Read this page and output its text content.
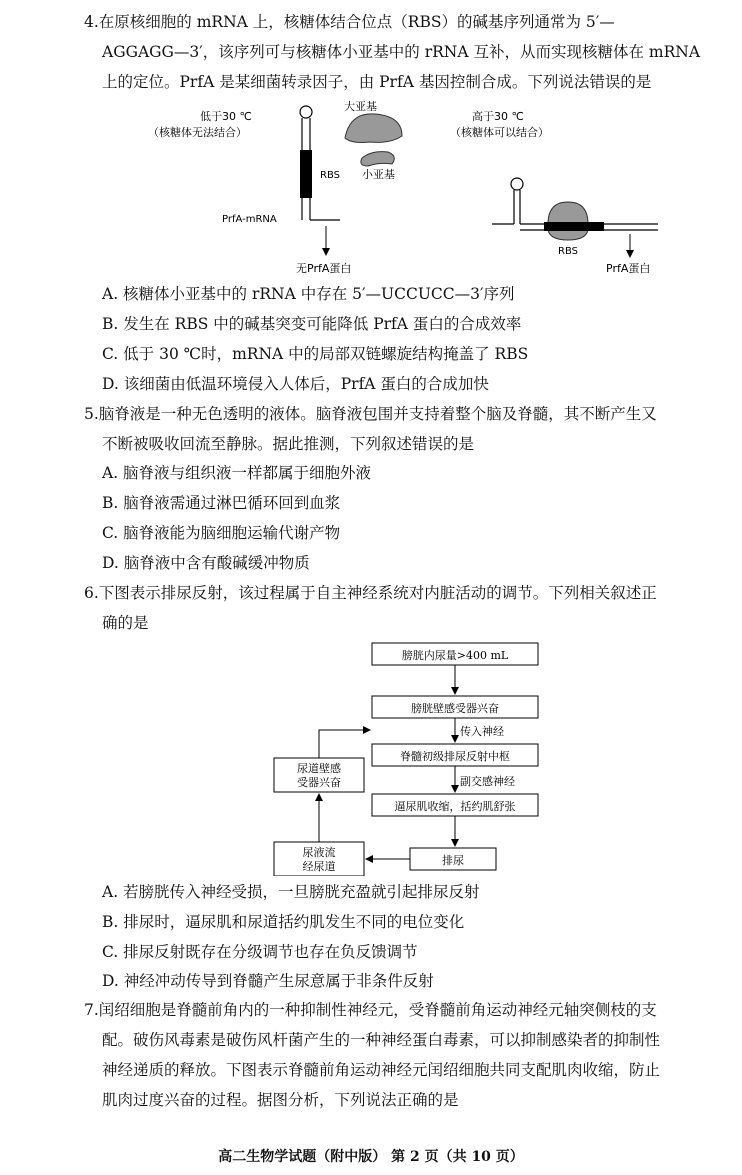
4.在原核细胞的 mRNA 上，核糖体结合位点（RBS）的碱基序列通常为 5′—
AGGAGG—3′，该序列可与核糖体小亚基中的 rRNA 互补，从而实现核糖体在 mRNA
上的定位。PrfA 是某细菌转录因子，由 PrfA 基因控制合成。下列说法错误的是
低于30 ℃
（核糖体无法结合）
RBS
PrfA-mRNA
大亚基
小亚基
无PrfA蛋白
高于30 ℃
（核糖体可以结合）
RBS
PrfA蛋白
A. 核糖体小亚基中的 rRNA 中存在 5′—UCCUCC—3′序列
B. 发生在 RBS 中的碱基突变可能降低 PrfA 蛋白的合成效率
C. 低于 30 ℃时，mRNA 中的局部双链螺旋结构掩盖了 RBS
D. 该细菌由低温环境侵入人体后，PrfA 蛋白的合成加快
5.脑脊液是一种无色透明的液体。脑脊液包围并支持着整个脑及脊髓，其不断产生又
不断被吸收回流至静脉。据此推测，下列叙述错误的是
A. 脑脊液与组织液一样都属于细胞外液
B. 脑脊液需通过淋巴循环回到血浆
C. 脑脊液能为脑细胞运输代谢产物
D. 脑脊液中含有酸碱缓冲物质
6.下图表示排尿反射，该过程属于自主神经系统对内脏活动的调节。下列相关叙述正
确的是
膀胱内尿量>400 mL
膀胱壁感受器兴奋
传入神经
脊髓初级排尿反射中枢
副交感神经
逼尿肌收缩，括约肌舒张
排尿
尿液流经尿道
尿道壁感受器兴奋
A. 若膀胱传入神经受损，一旦膀胱充盈就引起排尿反射
B. 排尿时，逼尿肌和尿道括约肌发生不同的电位变化
C. 排尿反射既存在分级调节也存在负反馈调节
D. 神经冲动传导到脊髓产生尿意属于非条件反射
7.闰绍细胞是脊髓前角内的一种抑制性神经元，受脊髓前角运动神经元轴突侧枝的支
配。破伤风毒素是破伤风杆菌产生的一种神经蛋白毒素，可以抑制感染者的抑制性
神经递质的释放。下图表示脊髓前角运动神经元闰绍细胞共同支配肌肉收缩，防止
肌肉过度兴奋的过程。据图分析，下列说法正确的是
高二生物学试题（附中版） 第 2 页（共 10 页）
